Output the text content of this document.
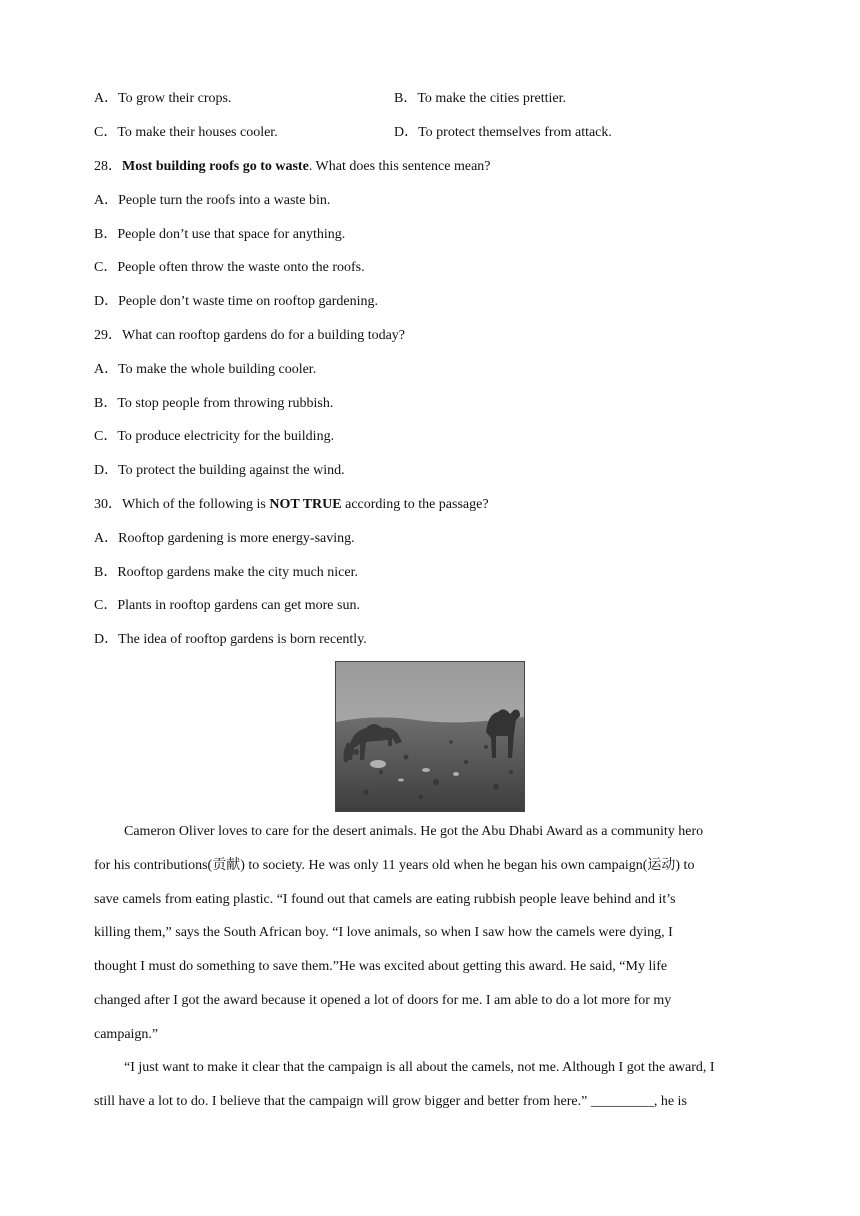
A．To grow their crops.	B．To make the cities prettier.
C．To make their houses cooler.	D．To protect themselves from attack.
28．Most building roofs go to waste. What does this sentence mean?
A．People turn the roofs into a waste bin.
B．People don’t use that space for anything.
C．People often throw the waste onto the roofs.
D．People don’t waste time on rooftop gardening.
29．What can rooftop gardens do for a building today?
A．To make the whole building cooler.
B．To stop people from throwing rubbish.
C．To produce electricity for the building.
D．To protect the building against the wind.
30．Which of the following is NOT TRUE according to the passage?
A．Rooftop gardening is more energy-saving.
B．Rooftop gardens make the city much nicer.
C．Plants in rooftop gardens can get more sun.
D．The idea of rooftop gardens is born recently.
Cameron Oliver loves to care for the desert animals. He got the Abu Dhabi Award as a community hero
for his contributions(贡献) to society. He was only 11 years old when he began his own campaign(运动) to
save camels from eating plastic. “I found out that camels are eating rubbish people leave behind and it’s
killing them,” says the South African boy. “I love animals, so when I saw how the camels were dying, I
thought I must do something to save them.”He was excited about getting this award. He said, “My life
changed after I got the award because it opened a lot of doors for me. I am able to do a lot more for my
campaign.”
“I just want to make it clear that the campaign is all about the camels, not me. Although I got the award, I
still have a lot to do. I believe that the campaign will grow bigger and better from here.” _________, he is
